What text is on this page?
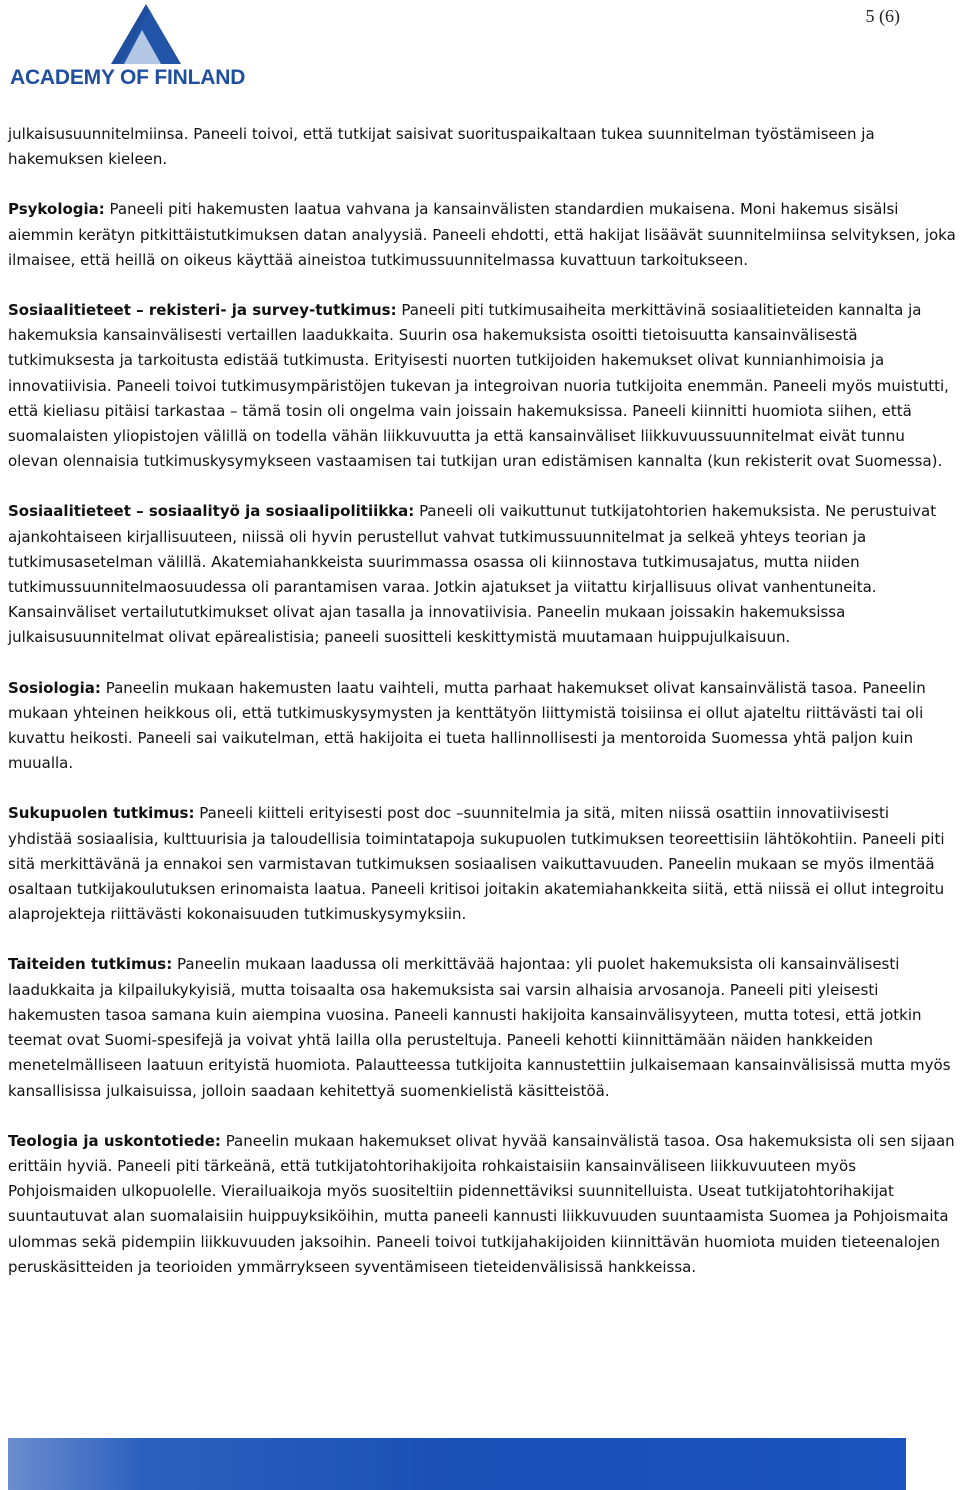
ACADEMY OF FINLAND
5 (6)

julkaisusuunnitelmiinsa. Paneeli toivoi, että tutkijat saisivat suorituspaikaltaan tukea suunnitelman työstämiseen ja hakemuksen kieleen.

Psykologia: Paneeli piti hakemusten laatua vahvana ja kansainvälisten standardien mukaisena. Moni hakemus sisälsi aiemmin kerätyn pitkittäistutkimuksen datan analyysiä. Paneeli ehdotti, että hakijat lisäävät suunnitelmiinsa selvityksen, joka ilmaisee, että heillä on oikeus käyttää aineistoa tutkimussuunnitelmassa kuvattuun tarkoitukseen.

Sosiaalitieteet – rekisteri- ja survey-tutkimus: Paneeli piti tutkimusaiheita merkittävinä sosiaalitieteiden kannalta ja hakemuksia kansainvälisesti vertaillen laadukkaita. Suurin osa hakemuksista osoitti tietoisuutta kansainvälisestä tutkimuksesta ja tarkoitusta edistää tutkimusta. Erityisesti nuorten tutkijoiden hakemukset olivat kunnianhimoisia ja innovatiivisia. Paneeli toivoi tutkimusympäristöjen tukevan ja integroivan nuoria tutkijoita enemmän. Paneeli myös muistutti, että kieliasu pitäisi tarkastaa – tämä tosin oli ongelma vain joissain hakemuksissa. Paneeli kiinnitti huomiota siihen, että suomalaisten yliopistojen välillä on todella vähän liikkuvuutta ja että kansainväliset liikkuvuussuunnitelmat eivät tunnu olevan olennaisia tutkimuskysymykseen vastaamisen tai tutkijan uran edistämisen kannalta (kun rekisterit ovat Suomessa).

Sosiaalitieteet – sosiaalityö ja sosiaalipolitiikka: Paneeli oli vaikuttunut tutkijatohtorien hakemuksista. Ne perustuivat ajankohtaiseen kirjallisuuteen, niissä oli hyvin perustellut vahvat tutkimussuunnitelmat ja selkeä yhteys teorian ja tutkimusasetelman välillä. Akatemiahankkeista suurimmassa osassa oli kiinnostava tutkimusajatus, mutta niiden tutkimussuunnitelmaosuudessa oli parantamisen varaa. Jotkin ajatukset ja viitattu kirjallisuus olivat vanhentuneita. Kansainväliset vertailututkimukset olivat ajan tasalla ja innovatiivisia. Paneelin mukaan joissakin hakemuksissa julkaisusuunnitelmat olivat epärealistisia; paneeli suositteli keskittymistä muutamaan huippujulkaisuun.

Sosiologia: Paneelin mukaan hakemusten laatu vaihteli, mutta parhaat hakemukset olivat kansainvälistä tasoa. Paneelin mukaan yhteinen heikkous oli, että tutkimuskysymysten ja kenttätyön liittymistä toisiinsa ei ollut ajateltu riittävästi tai oli kuvattu heikosti. Paneeli sai vaikutelman, että hakijoita ei tueta hallinnollisesti ja mentoroida Suomessa yhtä paljon kuin muualla.

Sukupuolen tutkimus: Paneeli kiitteli erityisesti post doc –suunnitelmia ja sitä, miten niissä osattiin innovatiivisesti yhdistää sosiaalisia, kulttuurisia ja taloudellisia toimintatapoja sukupuolen tutkimuksen teoreettisiin lähtökohtiin. Paneeli piti sitä merkittävänä ja ennakoi sen varmistavan tutkimuksen sosiaalisen vaikuttavuuden. Paneelin mukaan se myös ilmentää osaltaan tutkijakoulutuksen erinomaista laatua. Paneeli kritisoi joitakin akatemiahankkeita siitä, että niissä ei ollut integroitu alaprojekteja riittävästi kokonaisuuden tutkimuskysymyksiin.

Taiteiden tutkimus: Paneelin mukaan laadussa oli merkittävää hajontaa: yli puolet hakemuksista oli kansainvälisesti laadukkaita ja kilpailukykyisiä, mutta toisaalta osa hakemuksista sai varsin alhaisia arvosanoja. Paneeli piti yleisesti hakemusten tasoa samana kuin aiempina vuosina. Paneeli kannusti hakijoita kansainvälisyyteen, mutta totesi, että jotkin teemat ovat Suomi-spesifejä ja voivat yhtä lailla olla perusteltuja. Paneeli kehotti kiinnittämään näiden hankkeiden menetelmälliseen laatuun erityistä huomiota. Palautteessa tutkijoita kannustettiin julkaisemaan kansainvälisissä mutta myös kansallisissa julkaisuissa, jolloin saadaan kehitettyä suomenkielistä käsitteistöä.

Teologia ja uskontotiede: Paneelin mukaan hakemukset olivat hyvää kansainvälistä tasoa. Osa hakemuksista oli sen sijaan erittäin hyviä. Paneeli piti tärkeänä, että tutkijatohtorihakijoita rohkaistaisiin kansainväliseen liikkuvuuteen myös Pohjoismaiden ulkopuolelle. Vierailuaikoja myös suositeltiin pidennettäviksi suunnitelluista. Useat tutkijatohtorihakijat suuntautuvat alan suomalaisiin huippuyksiköihin, mutta paneeli kannusti liikkuvuuden suuntaamista Suomea ja Pohjoismaita ulommas sekä pidempiin liikkuvuuden jaksoihin. Paneeli toivoi tutkijahakijoiden kiinnittävän huomiota muiden tieteenalojen peruskäsitteiden ja teorioiden ymmärrykseen syventämiseen tieteidenvälisissä hankkeissa.
